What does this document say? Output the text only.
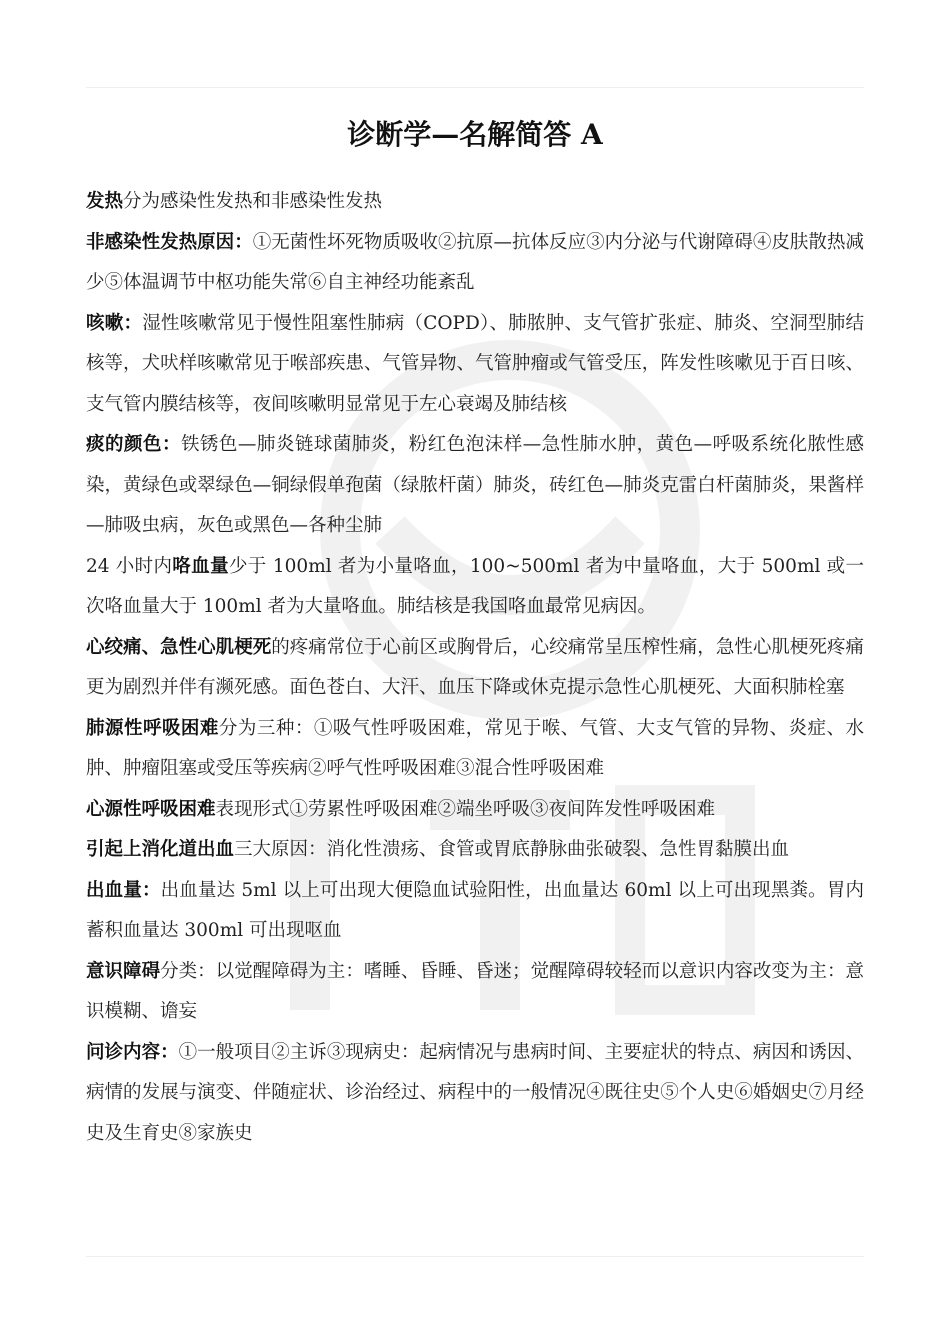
诊断学—名解简答 A

发热分为感染性发热和非感染性发热

非感染性发热原因：①无菌性坏死物质吸收②抗原—抗体反应③内分泌与代谢障碍④皮肤散热减少⑤体温调节中枢功能失常⑥自主神经功能紊乱

咳嗽：湿性咳嗽常见于慢性阻塞性肺病（COPD）、肺脓肿、支气管扩张症、肺炎、空洞型肺结核等，犬吠样咳嗽常见于喉部疾患、气管异物、气管肿瘤或气管受压，阵发性咳嗽见于百日咳、支气管内膜结核等，夜间咳嗽明显常见于左心衰竭及肺结核

痰的颜色：铁锈色—肺炎链球菌肺炎，粉红色泡沫样—急性肺水肿，黄色—呼吸系统化脓性感染，黄绿色或翠绿色—铜绿假单孢菌（绿脓杆菌）肺炎，砖红色—肺炎克雷白杆菌肺炎，果酱样—肺吸虫病，灰色或黑色—各种尘肺

24 小时内咯血量少于 100ml 者为小量咯血，100~500ml 者为中量咯血，大于 500ml 或一次咯血量大于 100ml 者为大量咯血。肺结核是我国咯血最常见病因。

心绞痛、急性心肌梗死的疼痛常位于心前区或胸骨后，心绞痛常呈压榨性痛，急性心肌梗死疼痛更为剧烈并伴有濒死感。面色苍白、大汗、血压下降或休克提示急性心肌梗死、大面积肺栓塞

肺源性呼吸困难分为三种：①吸气性呼吸困难，常见于喉、气管、大支气管的异物、炎症、水肿、肿瘤阻塞或受压等疾病②呼气性呼吸困难③混合性呼吸困难

心源性呼吸困难表现形式①劳累性呼吸困难②端坐呼吸③夜间阵发性呼吸困难

引起上消化道出血三大原因：消化性溃疡、食管或胃底静脉曲张破裂、急性胃黏膜出血

出血量：出血量达 5ml 以上可出现大便隐血试验阳性，出血量达 60ml 以上可出现黑粪。胃内蓄积血量达 300ml 可出现呕血

意识障碍分类：以觉醒障碍为主：嗜睡、昏睡、昏迷；觉醒障碍较轻而以意识内容改变为主：意识模糊、谵妄

问诊内容：①一般项目②主诉③现病史：起病情况与患病时间、主要症状的特点、病因和诱因、病情的发展与演变、伴随症状、诊治经过、病程中的一般情况④既往史⑤个人史⑥婚姻史⑦月经史及生育史⑧家族史
